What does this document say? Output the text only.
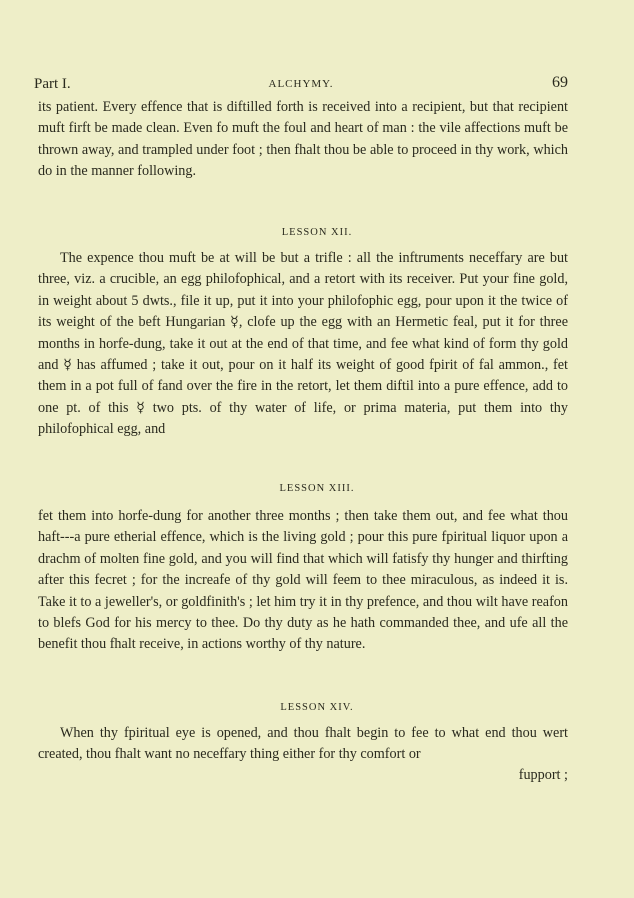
Part I.	ALCHYMY.	69

its patient. Every effence that is diftilled forth is received into a recipient, but that recipient muft firft be made clean. Even fo muft the foul and heart of man : the vile affections muft be thrown away, and trampled under foot ; then fhalt thou be able to proceed in thy work, which do in the manner following.

LESSON XII.

The expence thou muft be at will be but a trifle : all the inftruments neceffary are but three, viz. a crucible, an egg philofophical, and a retort with its receiver. Put your fine gold, in weight about 5 dwts., file it up, put it into your philofophic egg, pour upon it the twice of its weight of the beft Hungarian ☿, clofe up the egg with an Hermetic feal, put it for three months in horfe-dung, take it out at the end of that time, and fee what kind of form thy gold and ☿ has affumed ; take it out, pour on it half its weight of good fpirit of fal ammon., fet them in a pot full of fand over the fire in the retort, let them diftil into a pure effence, add to one pt. of this ☿ two pts. of thy water of life, or prima materia, put them into thy philofophical egg, and

LESSON XIII.

fet them into horfe-dung for another three months ; then take them out, and fee what thou haft---a pure etherial effence, which is the living gold ; pour this pure fpiritual liquor upon a drachm of molten fine gold, and you will find that which will fatisfy thy hunger and thirfting after this fecret ; for the increafe of thy gold will feem to thee miraculous, as indeed it is. Take it to a jeweller's, or goldfinith's ; let him try it in thy prefence, and thou wilt have reafon to blefs God for his mercy to thee. Do thy duty as he hath commanded thee, and ufe all the benefit thou fhalt receive, in actions worthy of thy nature.

LESSON XIV.

When thy fpiritual eye is opened, and thou fhalt begin to fee to what end thou wert created, thou fhalt want no neceffary thing either for thy comfort or

fupport ;
